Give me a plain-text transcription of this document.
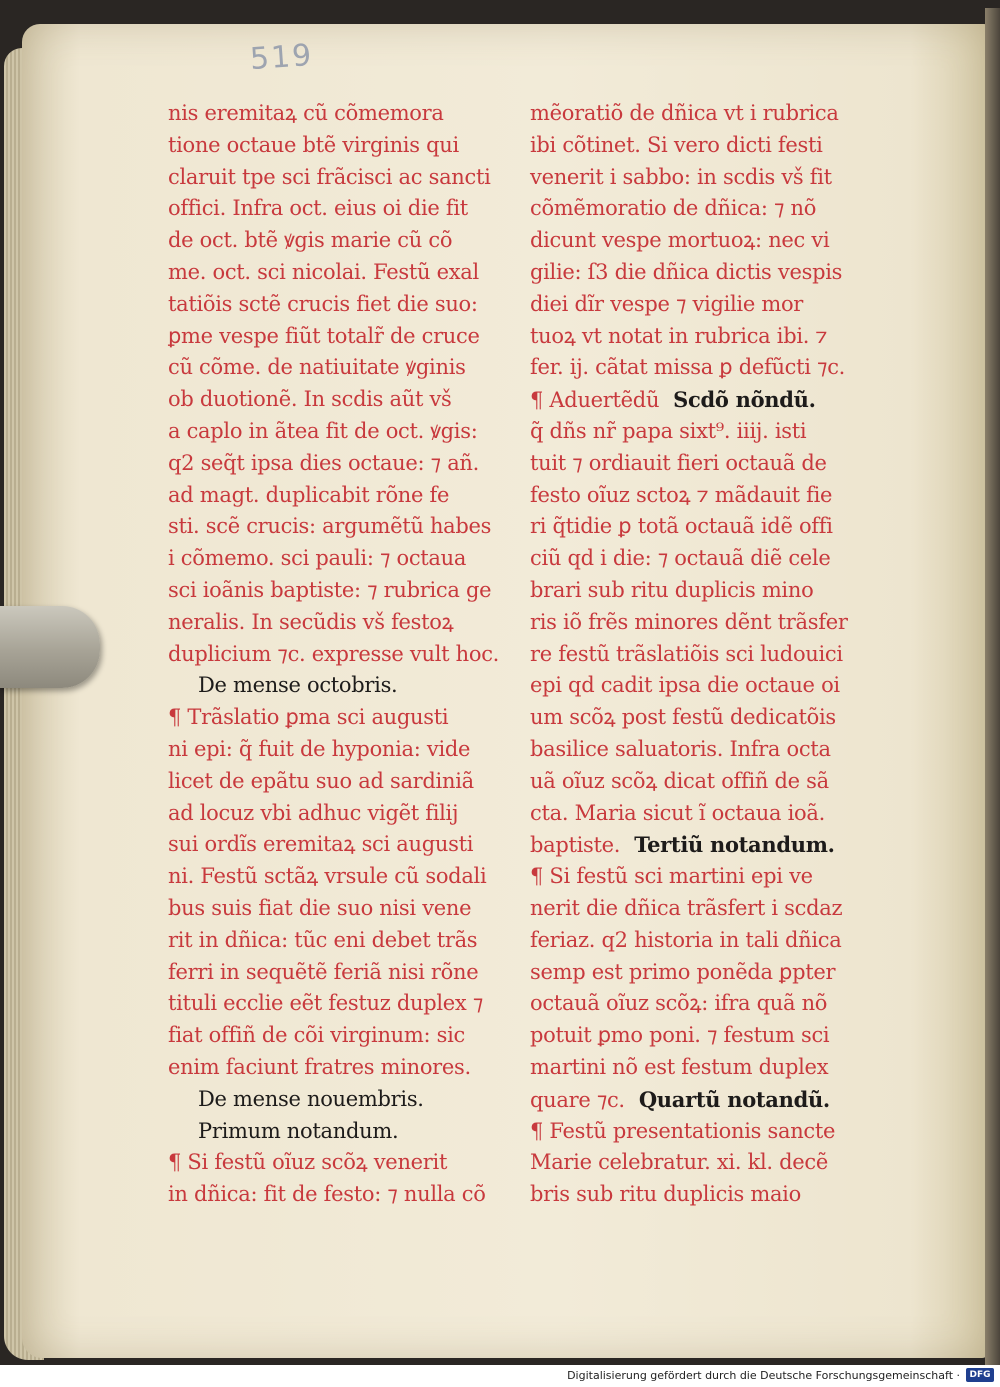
519
nis eremitaꝝ cũ cõmemora
tione octaue btẽ virginis qui
claruit tpe sci frãcisci ac sancti
offici. Infra oct. eius oi die fit
de oct. btẽ ꝟgis marie cũ cõ
me. oct. sci nicolai. Festũ exal
tatiõis sctẽ crucis fiet die suo:
ꝑme vespe fiũt totalr̃ de cruce
cũ cõme. de natiuitate ꝟginis
ob duotionẽ. In scdis aũt vš
a caplo in ãtea fit de oct. ꝟgis:
q2 seq̃t ipsa dies octaue: ⁊ añ.
ad magt. duplicabit rõne fe
sti. scẽ crucis: argumẽtũ habes
i cõmemo. sci pauli: ⁊ octaua
sci ioãnis baptiste: ⁊ rubrica ge
neralis. In secũdis vš festoꝝ
duplicium ⁊c. expresse vult hoc.
De mense octobris.
¶ Trãslatio ꝑma sci augusti
ni epi: q̃ fuit de hyponia: vide
licet de epãtu suo ad sardiniã
ad locuz vbi adhuc vigẽt filij
sui ordĩs eremitaꝝ sci augusti
ni. Festũ sctãꝝ vrsule cũ sodali
bus suis fiat die suo nisi vene
rit in dñica: tũc eni debet trãs
ferri in sequẽtẽ feriã nisi rõne
tituli ecclie eẽt festuz duplex ⁊
fiat offiñ de cõi virginum: sic
enim faciunt fratres minores.
De mense nouembris.
Primum notandum.
¶ Si festũ oĩuz scõꝝ venerit
in dñica: fit de festo: ⁊ nulla cõ
mẽoratiõ de dñica vt i rubrica
ibi cõtinet. Si vero dicti festi
venerit i sabbo: in scdis vš fit
cõmẽmoratio de dñica: ⁊ nõ
dicunt vespe mortuoꝝ: nec vi
gilie: ſ3 die dñica dictis vespis
diei dĩr vespe ⁊ vigilie mor
tuoꝝ vt notat in rubrica ibi. ⁊
fer. ij. cãtat missa ꝑ defũcti ⁊c.
¶ Aduertẽdũ Scdõ nõndũ.
q̃ dñs nr̃ papa sixt⁹. iiij. isti
tuit ⁊ ordiauit fieri octauã de
festo oĩuz sctoꝝ ⁊ mãdauit fie
ri q̃tidie ꝑ totã octauã idẽ offi
ciũ qd i die: ⁊ octauã diẽ cele
brari sub ritu duplicis mino
ris iõ frẽs minores dẽnt trãsfer
re festũ trãslatiõis sci ludouici
epi qd cadit ipsa die octaue oi
um scõꝝ post festũ dedicatõis
basilice saluatoris. Infra octa
uã oĩuz scõꝝ dicat offiñ de sã
cta. Maria sicut ĩ octaua ioã.
baptiste. Tertiũ notandum.
¶ Si festũ sci martini epi ve
nerit die dñica trãsfert i scdaz
feriaz. q2 historia in tali dñica
semp est primo ponẽda ꝑpter
octauã oĩuz scõꝝ: ifra quã nõ
potuit ꝑmo poni. ⁊ festum sci
martini nõ est festum duplex
quare ⁊c. Quartũ notandũ.
¶ Festũ presentationis sancte
Marie celebratur. xi. kl. decẽ
bris sub ritu duplicis maio
Digitalisierung gefördert durch die Deutsche Forschungsgemeinschaft ·	DFG
